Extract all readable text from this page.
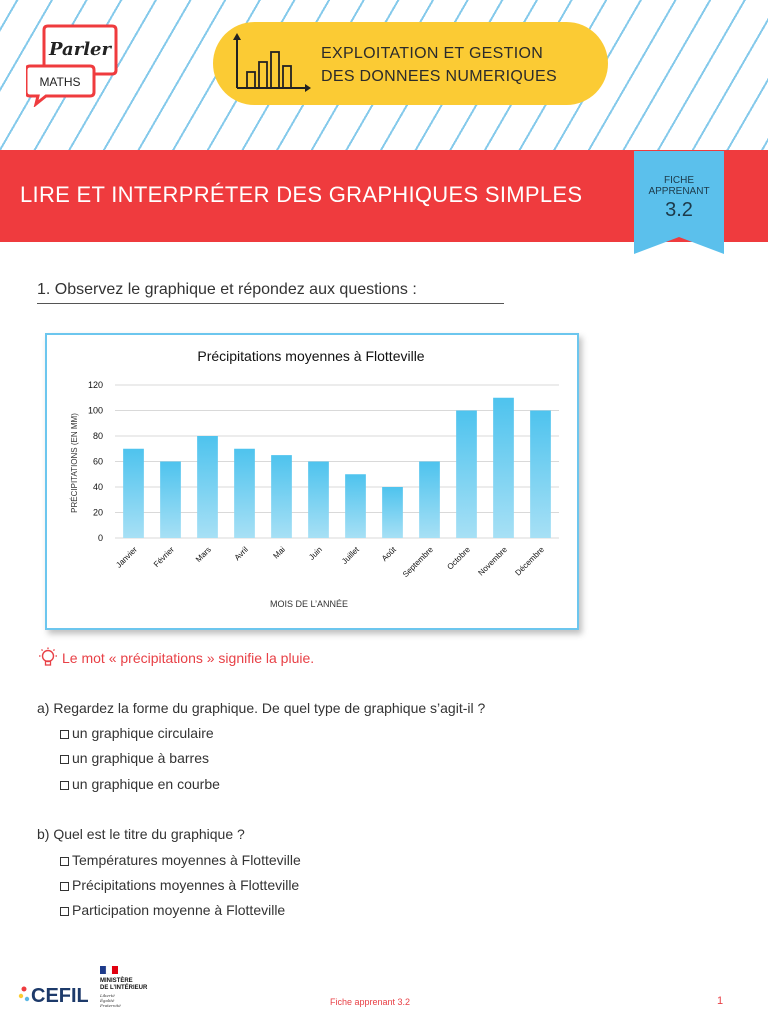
Parler
MATHS
EXPLOITATION ET GESTION
DES DONNEES NUMERIQUES
LIRE ET INTERPRÉTER DES GRAPHIQUES SIMPLES
FICHE
APPRENANT
3.2
1. Observez le graphique et répondez aux questions :
Précipitations moyennes à Flotteville
0
20
40
60
80
100
120
Janvier Février Mars Avril	Mai	Juin Juillet Août Septembre Octobre Novembre Décembre
MOIS DE L’ANNÉE
PRÉCIPITATIONS (EN MM)
Le mot « précipitations » signifie la pluie.
a) Regardez la forme du graphique. De quel type de graphique s’agit-il ?
un graphique circulaire
un graphique à barres
un graphique en courbe
b) Quel est le titre du graphique ?
Températures moyennes à Flotteville
Précipitations moyennes à Flotteville
Participation moyenne à Flotteville
CEFIL
MINISTÈRE
DE L’INTÉRIEUR
Liberté
Égalité
Fraternité	Fiche apprenant 3.2	1
